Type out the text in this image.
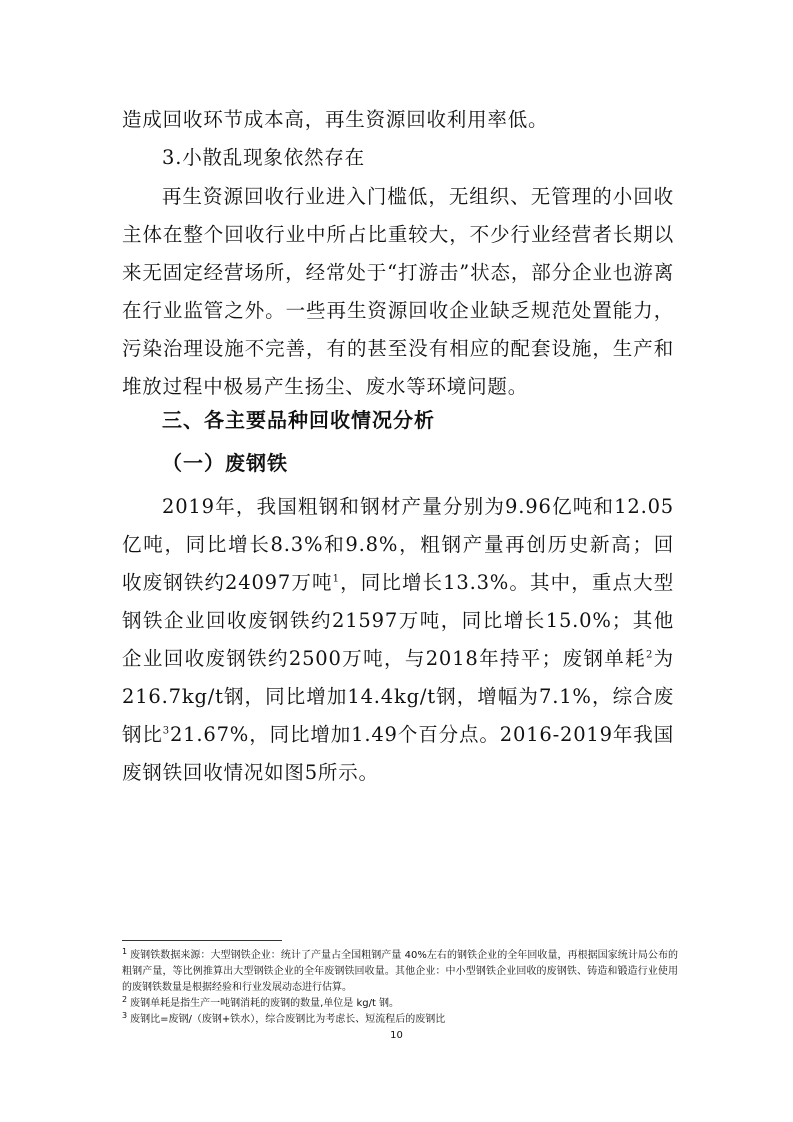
造成回收环节成本高，再生资源回收利用率低。
3.小散乱现象依然存在
再生资源回收行业进入门槛低，无组织、无管理的小回收主体在整个回收行业中所占比重较大，不少行业经营者长期以来无固定经营场所，经常处于“打游击”状态，部分企业也游离在行业监管之外。一些再生资源回收企业缺乏规范处置能力，污染治理设施不完善，有的甚至没有相应的配套设施，生产和堆放过程中极易产生扬尘、废水等环境问题。
三、各主要品种回收情况分析
（一）废钢铁
2019年，我国粗钢和钢材产量分别为9.96亿吨和12.05亿吨，同比增长8.3%和9.8%，粗钢产量再创历史新高；回收废钢铁约24097万吨$^1$，同比增长13.3%。其中，重点大型钢铁企业回收废钢铁约21597万吨，同比增长15.0%；其他企业回收废钢铁约2500万吨，与2018年持平；废钢单耗$^2$为216.7kg/t钢，同比增加14.4kg/t钢，增幅为7.1%，综合废钢比$^3$21.67%，同比增加1.49个百分点。2016-2019年我国废钢铁回收情况如图5所示。

$^1$ 废钢铁数据来源：大型钢铁企业：统计了产量占全国粗钢产量 40%左右的钢铁企业的全年回收量，再根据国家统计局公布的粗钢产量，等比例推算出大型钢铁企业的全年废钢铁回收量。其他企业：中小型钢铁企业回收的废钢铁、铸造和锻造行业使用的废钢铁数量是根据经验和行业发展动态进行估算。

$^2$ 废钢单耗是指生产一吨钢消耗的废钢的数量,单位是 kg/t 钢。

$^3$ 废钢比=废钢/（废钢+铁水），综合废钢比为考虑长、短流程后的废钢比

10
